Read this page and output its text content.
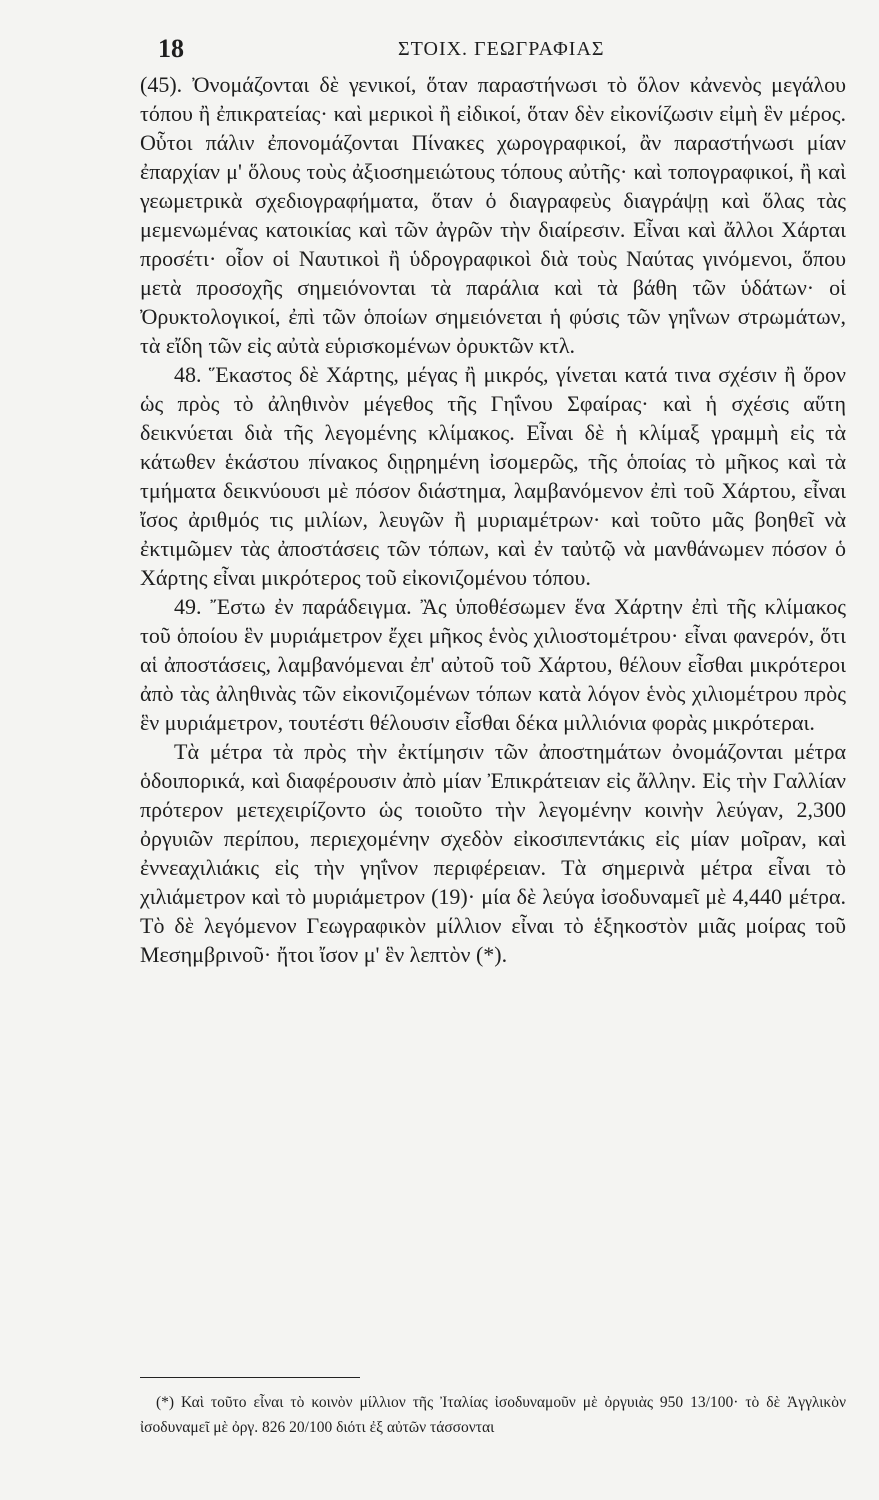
18	ΣΤΟΙΧ. ΓΕΩΓΡΑΦΙΑΣ

(45). Ὀνομάζονται δὲ γενικοί, ὅταν παραστήνωσι τὸ ὅλον κἀνενὸς μεγάλου τόπου ἢ ἐπικρατείας· καὶ μερικοὶ ἢ εἰδικοί, ὅταν δὲν εἰκονίζωσιν εἰμὴ ἓν μέρος. Οὗτοι πάλιν ἐπονομάζονται Πίνακες χωρογραφικοί, ἂν παραστήνωσι μίαν ἐπαρχίαν μ' ὅλους τοὺς ἀξιοσημειώτους τόπους αὐτῆς· καὶ τοπογραφικοί, ἢ καὶ γεωμετρικὰ σχεδιογραφήματα, ὅταν ὁ διαγραφεὺς διαγράψῃ καὶ ὅλας τὰς μεμενωμένας κατοικίας καὶ τῶν ἀγρῶν τὴν διαίρεσιν. Εἶναι καὶ ἄλλοι Χάρται προσέτι· οἷον οἱ Ναυτικοὶ ἢ ὑδρογραφικοὶ διὰ τοὺς Ναύτας γινόμενοι, ὅπου μετὰ προσοχῆς σημειόνονται τὰ παράλια καὶ τὰ βάθη τῶν ὑδάτων· οἱ Ὀρυκτολογικοί, ἐπὶ τῶν ὁποίων σημειόνεται ἡ φύσις τῶν γηΐνων στρωμάτων, τὰ εἴδη τῶν εἰς αὐτὰ εὑρισκομένων ὀρυκτῶν κτλ.

48. Ἕκαστος δὲ Χάρτης, μέγας ἢ μικρός, γίνεται κατά τινα σχέσιν ἢ ὅρον ὡς πρὸς τὸ ἀληθινὸν μέγεθος τῆς Γηΐνου Σφαίρας· καὶ ἡ σχέσις αὕτη δεικνύεται διὰ τῆς λεγομένης κλίμακος. Εἶναι δὲ ἡ κλίμαξ γραμμὴ εἰς τὰ κάτωθεν ἑκάστου πίνακος διῃρημένη ἰσομερῶς, τῆς ὁποίας τὸ μῆκος καὶ τὰ τμήματα δεικνύουσι μὲ πόσον διάστημα, λαμβανόμενον ἐπὶ τοῦ Χάρτου, εἶναι ἴσος ἀριθμός τις μιλίων, λευγῶν ἢ μυριαμέτρων· καὶ τοῦτο μᾶς βοηθεῖ νὰ ἐκτιμῶμεν τὰς ἀποστάσεις τῶν τόπων, καὶ ἐν ταὐτῷ νὰ μανθάνωμεν πόσον ὁ Χάρτης εἶναι μικρότερος τοῦ εἰκονιζομένου τόπου.

49. Ἔστω ἐν παράδειγμα. Ἂς ὑποθέσωμεν ἕνα Χάρτην ἐπὶ τῆς κλίμακος τοῦ ὁποίου ἓν μυριάμετρον ἔχει μῆκος ἑνὸς χιλιοστομέτρου· εἶναι φανερόν, ὅτι αἱ ἀποστάσεις, λαμβανόμεναι ἐπ' αὐτοῦ τοῦ Χάρτου, θέλουν εἶσθαι μικρότεροι ἀπὸ τὰς ἀληθινὰς τῶν εἰκονιζομένων τόπων κατὰ λόγον ἑνὸς χιλιομέτρου πρὸς ἓν μυριάμετρον, τουτέστι θέλουσιν εἶσθαι δέκα μιλλιόνια φορὰς μικρότεραι.

Τὰ μέτρα τὰ πρὸς τὴν ἐκτίμησιν τῶν ἀποστημάτων ὀνομάζονται μέτρα ὁδοιπορικά, καὶ διαφέρουσιν ἀπὸ μίαν Ἐπικράτειαν εἰς ἄλλην. Εἰς τὴν Γαλλίαν πρότερον μετεχειρίζοντο ὡς τοιοῦτο τὴν λεγομένην κοινὴν λεύγαν, 2,300 ὀργυιῶν περίπου, περιεχομένην σχεδὸν εἰκοσιπεντάκις εἰς μίαν μοῖραν, καὶ ἐννεαχιλιάκις εἰς τὴν γηΐνον περιφέρειαν. Τὰ σημερινὰ μέτρα εἶναι τὸ χιλιάμετρον καὶ τὸ μυριάμετρον (19)· μία δὲ λεύγα ἰσοδυναμεῖ μὲ 4,440 μέτρα. Τὸ δὲ λεγόμενον Γεωγραφικὸν μίλλιον εἶναι τὸ ἑξηκοστὸν μιᾶς μοίρας τοῦ Μεσημβρινοῦ· ἤτοι ἴσον μ' ἓν λεπτὸν (*).

(*) Καὶ τοῦτο εἶναι τὸ κοινὸν μίλλιον τῆς Ἰταλίας ἰσοδυναμοῦν μὲ ὀργυιὰς 950 13/100· τὸ δὲ Ἀγγλικὸν ἰσοδυναμεῖ μὲ ὀργ. 826 20/100 διότι ἐξ αὐτῶν τάσσονται
